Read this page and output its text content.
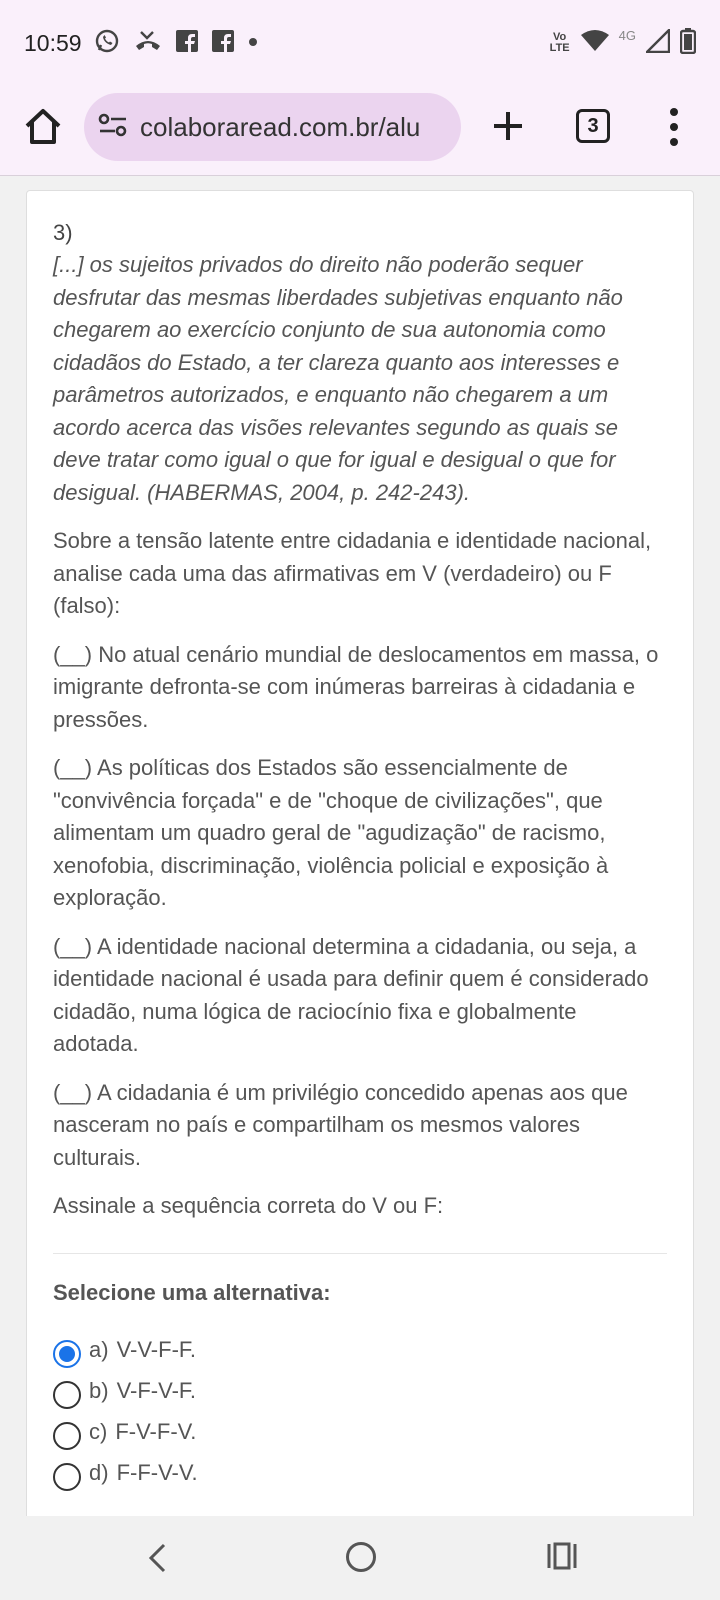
10:59	Vo LTE
4G
colaboraread.com.br/alu	3
3)
[...] os sujeitos privados do direito não poderão sequer desfrutar das mesmas liberdades subjetivas enquanto não chegarem ao exercício conjunto de sua autonomia como cidadãos do Estado, a ter clareza quanto aos interesses e parâmetros autorizados, e enquanto não chegarem a um acordo acerca das visões relevantes segundo as quais se deve tratar como igual o que for igual e desigual o que for desigual. (HABERMAS, 2004, p. 242-243).
Sobre a tensão latente entre cidadania e identidade nacional, analise cada uma das afirmativas em V (verdadeiro) ou F (falso):
(__) No atual cenário mundial de deslocamentos em massa, o imigrante defronta-se com inúmeras barreiras à cidadania e pressões.
(__) As políticas dos Estados são essencialmente de "convivência forçada" e de "choque de civilizações", que alimentam um quadro geral de "agudização" de racismo, xenofobia, discriminação, violência policial e exposição à exploração.
(__) A identidade nacional determina a cidadania, ou seja, a identidade nacional é usada para definir quem é considerado cidadão, numa lógica de raciocínio fixa e globalmente adotada.
(__) A cidadania é um privilégio concedido apenas aos que nasceram no país e compartilham os mesmos valores culturais.
Assinale a sequência correta do V ou F:
Selecione uma alternativa:
a) V-V-F-F.
b) V-F-V-F.
c) F-V-F-V.
d) F-F-V-V.
